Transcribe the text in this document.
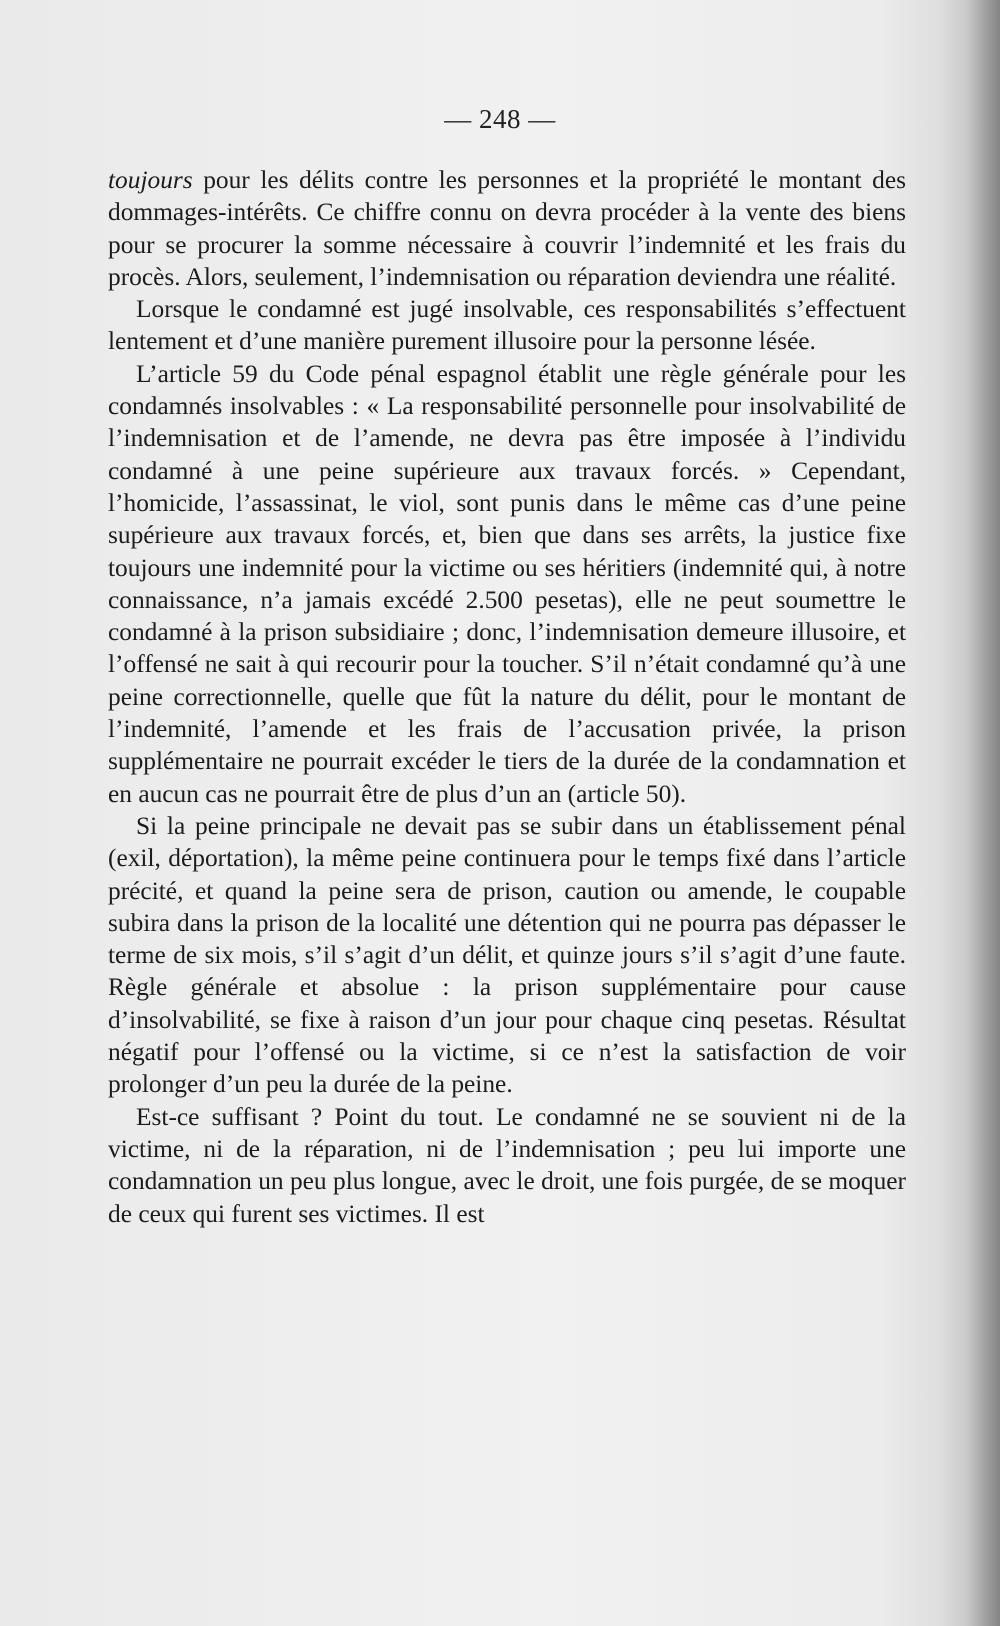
— 248 —

toujours pour les délits contre les personnes et la propriété le montant des dommages-intérêts. Ce chiffre connu on devra procéder à la vente des biens pour se procurer la somme nécessaire à couvrir l’indemnité et les frais du procès. Alors, seulement, l’indemnisation ou réparation deviendra une réalité.

Lorsque le condamné est jugé insolvable, ces responsabilités s’effectuent lentement et d’une manière purement illusoire pour la personne lésée.

L’article 59 du Code pénal espagnol établit une règle générale pour les condamnés insolvables : « La responsabilité personnelle pour insolvabilité de l’indemnisation et de l’amende, ne devra pas être imposée à l’individu condamné à une peine supérieure aux travaux forcés. » Cependant, l’homicide, l’assassinat, le viol, sont punis dans le même cas d’une peine supérieure aux travaux forcés, et, bien que dans ses arrêts, la justice fixe toujours une indemnité pour la victime ou ses héritiers (indemnité qui, à notre connaissance, n’a jamais excédé 2.500 pesetas), elle ne peut soumettre le condamné à la prison subsidiaire ; donc, l’indemnisation demeure illusoire, et l’offensé ne sait à qui recourir pour la toucher. S’il n’était condamné qu’à une peine correctionnelle, quelle que fût la nature du délit, pour le montant de l’indemnité, l’amende et les frais de l’accusation privée, la prison supplémentaire ne pourrait excéder le tiers de la durée de la condamnation et en aucun cas ne pourrait être de plus d’un an (article 50).

Si la peine principale ne devait pas se subir dans un établissement pénal (exil, déportation), la même peine continuera pour le temps fixé dans l’article précité, et quand la peine sera de prison, caution ou amende, le coupable subira dans la prison de la localité une détention qui ne pourra pas dépasser le terme de six mois, s’il s’agit d’un délit, et quinze jours s’il s’agit d’une faute. Règle générale et absolue : la prison supplémentaire pour cause d’insolvabilité, se fixe à raison d’un jour pour chaque cinq pesetas. Résultat négatif pour l’offensé ou la victime, si ce n’est la satisfaction de voir prolonger d’un peu la durée de la peine.

Est-ce suffisant ? Point du tout. Le condamné ne se souvient ni de la victime, ni de la réparation, ni de l’indemnisation ; peu lui importe une condamnation un peu plus longue, avec le droit, une fois purgée, de se moquer de ceux qui furent ses victimes. Il est
